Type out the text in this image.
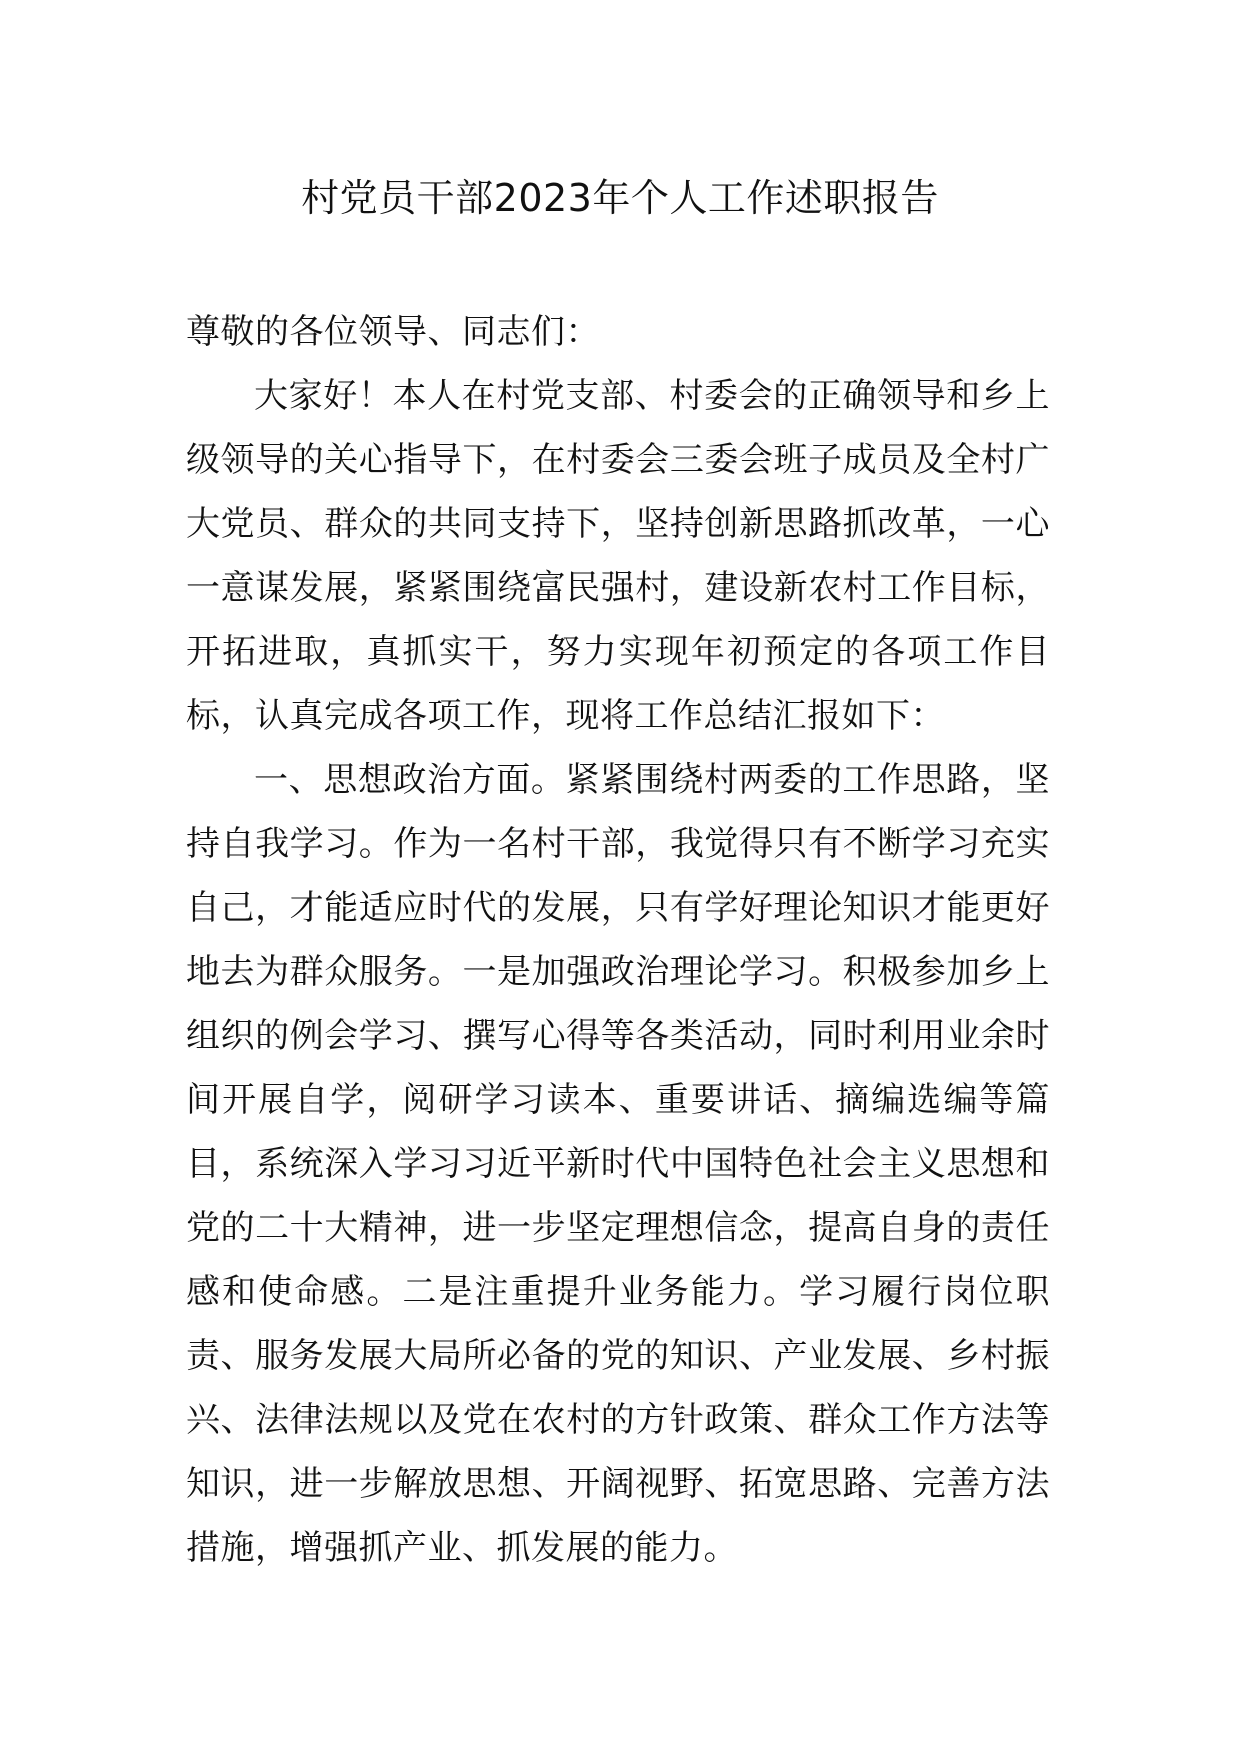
村党员干部2023年个人工作述职报告
尊敬的各位领导、同志们：
大家好！本人在村党支部、村委会的正确领导和乡上
级领导的关心指导下，在村委会三委会班子成员及全村广
大党员、群众的共同支持下，坚持创新思路抓改革，一心
一意谋发展，紧紧围绕富民强村，建设新农村工作目标，
开拓进取，真抓实干，努力实现年初预定的各项工作目
标，认真完成各项工作，现将工作总结汇报如下：
一、思想政治方面。紧紧围绕村两委的工作思路，坚
持自我学习。作为一名村干部，我觉得只有不断学习充实
自己，才能适应时代的发展，只有学好理论知识才能更好
地去为群众服务。一是加强政治理论学习。积极参加乡上
组织的例会学习、撰写心得等各类活动，同时利用业余时
间开展自学，阅研学习读本、重要讲话、摘编选编等篇
目，系统深入学习习近平新时代中国特色社会主义思想和
党的二十大精神，进一步坚定理想信念，提高自身的责任
感和使命感。二是注重提升业务能力。学习履行岗位职
责、服务发展大局所必备的党的知识、产业发展、乡村振
兴、法律法规以及党在农村的方针政策、群众工作方法等
知识，进一步解放思想、开阔视野、拓宽思路、完善方法
措施，增强抓产业、抓发展的能力。
